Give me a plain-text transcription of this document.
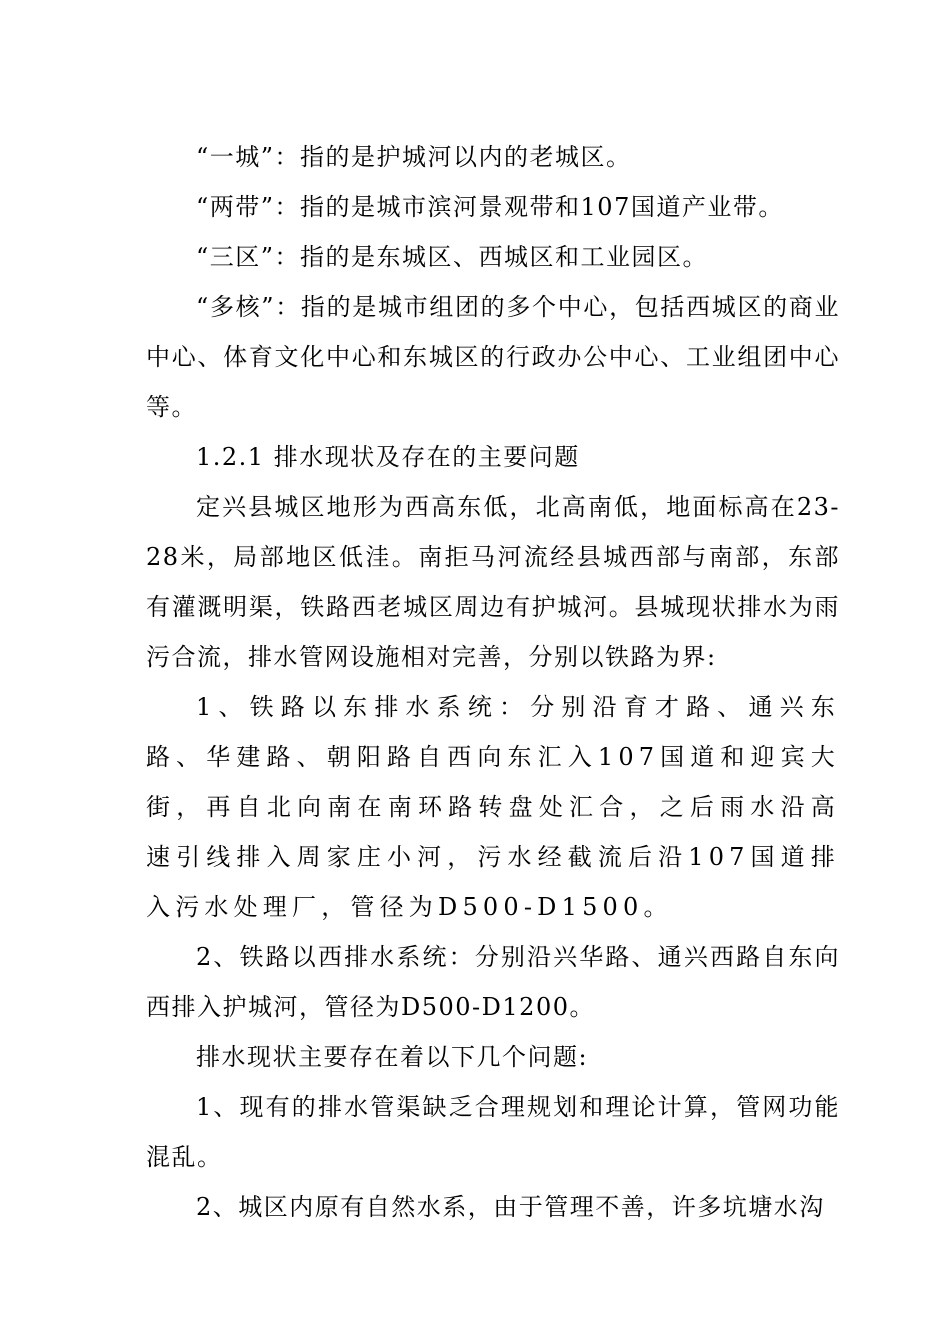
“一城”：指的是护城河以内的老城区。

“两带”：指的是城市滨河景观带和107国道产业带。

“三区”：指的是东城区、西城区和工业园区。

“多核”：指的是城市组团的多个中心，包括西城区的商业中心、体育文化中心和东城区的行政办公中心、工业组团中心等。

1.2.1 排水现状及存在的主要问题

定兴县城区地形为西高东低，北高南低，地面标高在23-28米，局部地区低洼。南拒马河流经县城西部与南部，东部有灌溉明渠，铁路西老城区周边有护城河。县城现状排水为雨污合流，排水管网设施相对完善，分别以铁路为界:

1、铁路以东排水系统：分别沿育才路、通兴东路、华建路、朝阳路自西向东汇入107国道和迎宾大街，再自北向南在南环路转盘处汇合，之后雨水沿高速引线排入周家庄小河，污水经截流后沿107国道排入污水处理厂，管径为D500-D1500。

2、铁路以西排水系统：分别沿兴华路、通兴西路自东向西排入护城河，管径为D500-D1200。

排水现状主要存在着以下几个问题:

1、现有的排水管渠缺乏合理规划和理论计算，管网功能混乱。

2、城区内原有自然水系，由于管理不善，许多坑塘水沟
